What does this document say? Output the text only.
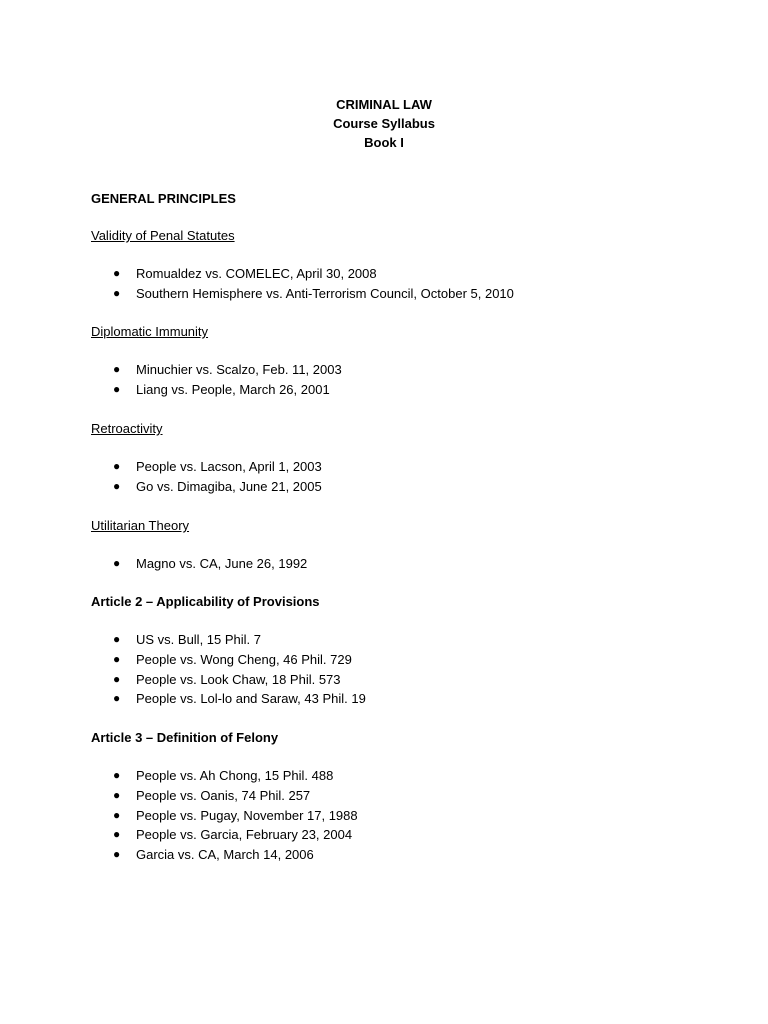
CRIMINAL LAW
Course Syllabus
Book I
GENERAL PRINCIPLES
Validity of Penal Statutes
● Romualdez vs. COMELEC, April 30, 2008
● Southern Hemisphere vs. Anti-Terrorism Council, October 5, 2010
Diplomatic Immunity
● Minuchier vs. Scalzo, Feb. 11, 2003
● Liang vs. People, March 26, 2001
Retroactivity
● People vs. Lacson, April 1, 2003
● Go vs. Dimagiba, June 21, 2005
Utilitarian Theory
● Magno vs. CA, June 26, 1992
Article 2 – Applicability of Provisions
● US vs. Bull, 15 Phil. 7
● People vs. Wong Cheng, 46 Phil. 729
● People vs. Look Chaw, 18 Phil. 573
● People vs. Lol-lo and Saraw, 43 Phil. 19
Article 3 – Definition of Felony
● People vs. Ah Chong, 15 Phil. 488
● People vs. Oanis, 74 Phil. 257
● People vs. Pugay, November 17, 1988
● People vs. Garcia, February 23, 2004
● Garcia vs. CA, March 14, 2006
